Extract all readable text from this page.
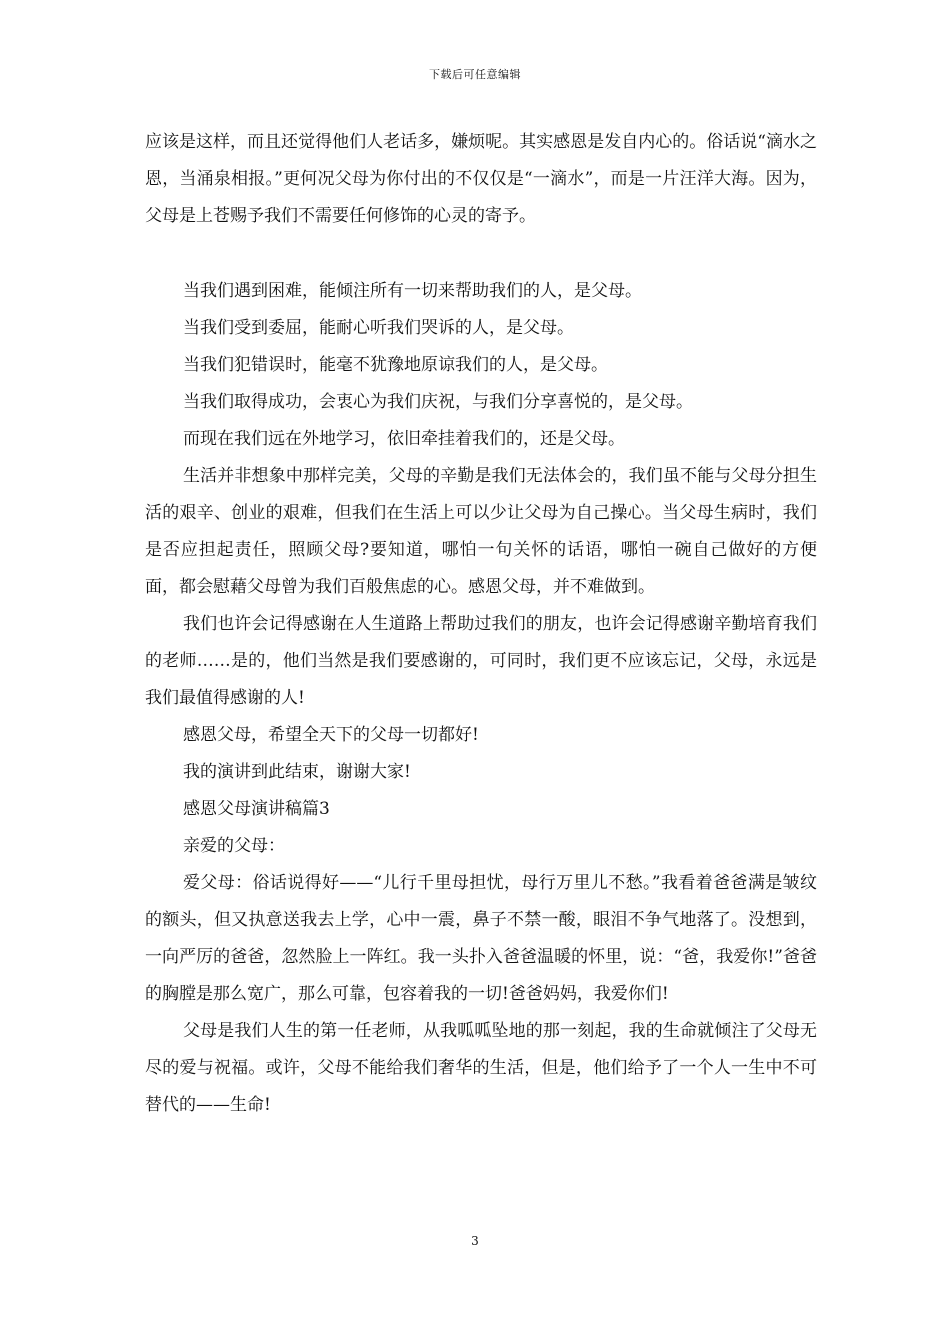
下载后可任意编辑

应该是这样，而且还觉得他们人老话多，嫌烦呢。其实感恩是发自内心的。俗话说“滴水之恩，当涌泉相报。”更何况父母为你付出的不仅仅是“一滴水”，而是一片汪洋大海。因为，父母是上苍赐予我们不需要任何修饰的心灵的寄予。

当我们遇到困难，能倾注所有一切来帮助我们的人，是父母。

当我们受到委屈，能耐心听我们哭诉的人，是父母。

当我们犯错误时，能毫不犹豫地原谅我们的人，是父母。

当我们取得成功，会衷心为我们庆祝，与我们分享喜悦的，是父母。

而现在我们远在外地学习，依旧牵挂着我们的，还是父母。

生活并非想象中那样完美，父母的辛勤是我们无法体会的，我们虽不能与父母分担生活的艰辛、创业的艰难，但我们在生活上可以少让父母为自己操心。当父母生病时，我们是否应担起责任，照顾父母?要知道，哪怕一句关怀的话语，哪怕一碗自己做好的方便面，都会慰藉父母曾为我们百般焦虑的心。感恩父母，并不难做到。

我们也许会记得感谢在人生道路上帮助过我们的朋友，也许会记得感谢辛勤培育我们的老师……是的，他们当然是我们要感谢的，可同时，我们更不应该忘记，父母，永远是我们最值得感谢的人!

感恩父母，希望全天下的父母一切都好!

我的演讲到此结束，谢谢大家!

感恩父母演讲稿篇3

亲爱的父母：

爱父母：俗话说得好——“儿行千里母担忧，母行万里儿不愁。”我看着爸爸满是皱纹的额头，但又执意送我去上学，心中一震，鼻子不禁一酸，眼泪不争气地落了。没想到，一向严厉的爸爸，忽然脸上一阵红。我一头扑入爸爸温暖的怀里，说：“爸，我爱你!”爸爸的胸膛是那么宽广，那么可靠，包容着我的一切!爸爸妈妈，我爱你们!

父母是我们人生的第一任老师，从我呱呱坠地的那一刻起，我的生命就倾注了父母无尽的爱与祝福。或许，父母不能给我们奢华的生活，但是，他们给予了一个人一生中不可替代的——生命!

3
